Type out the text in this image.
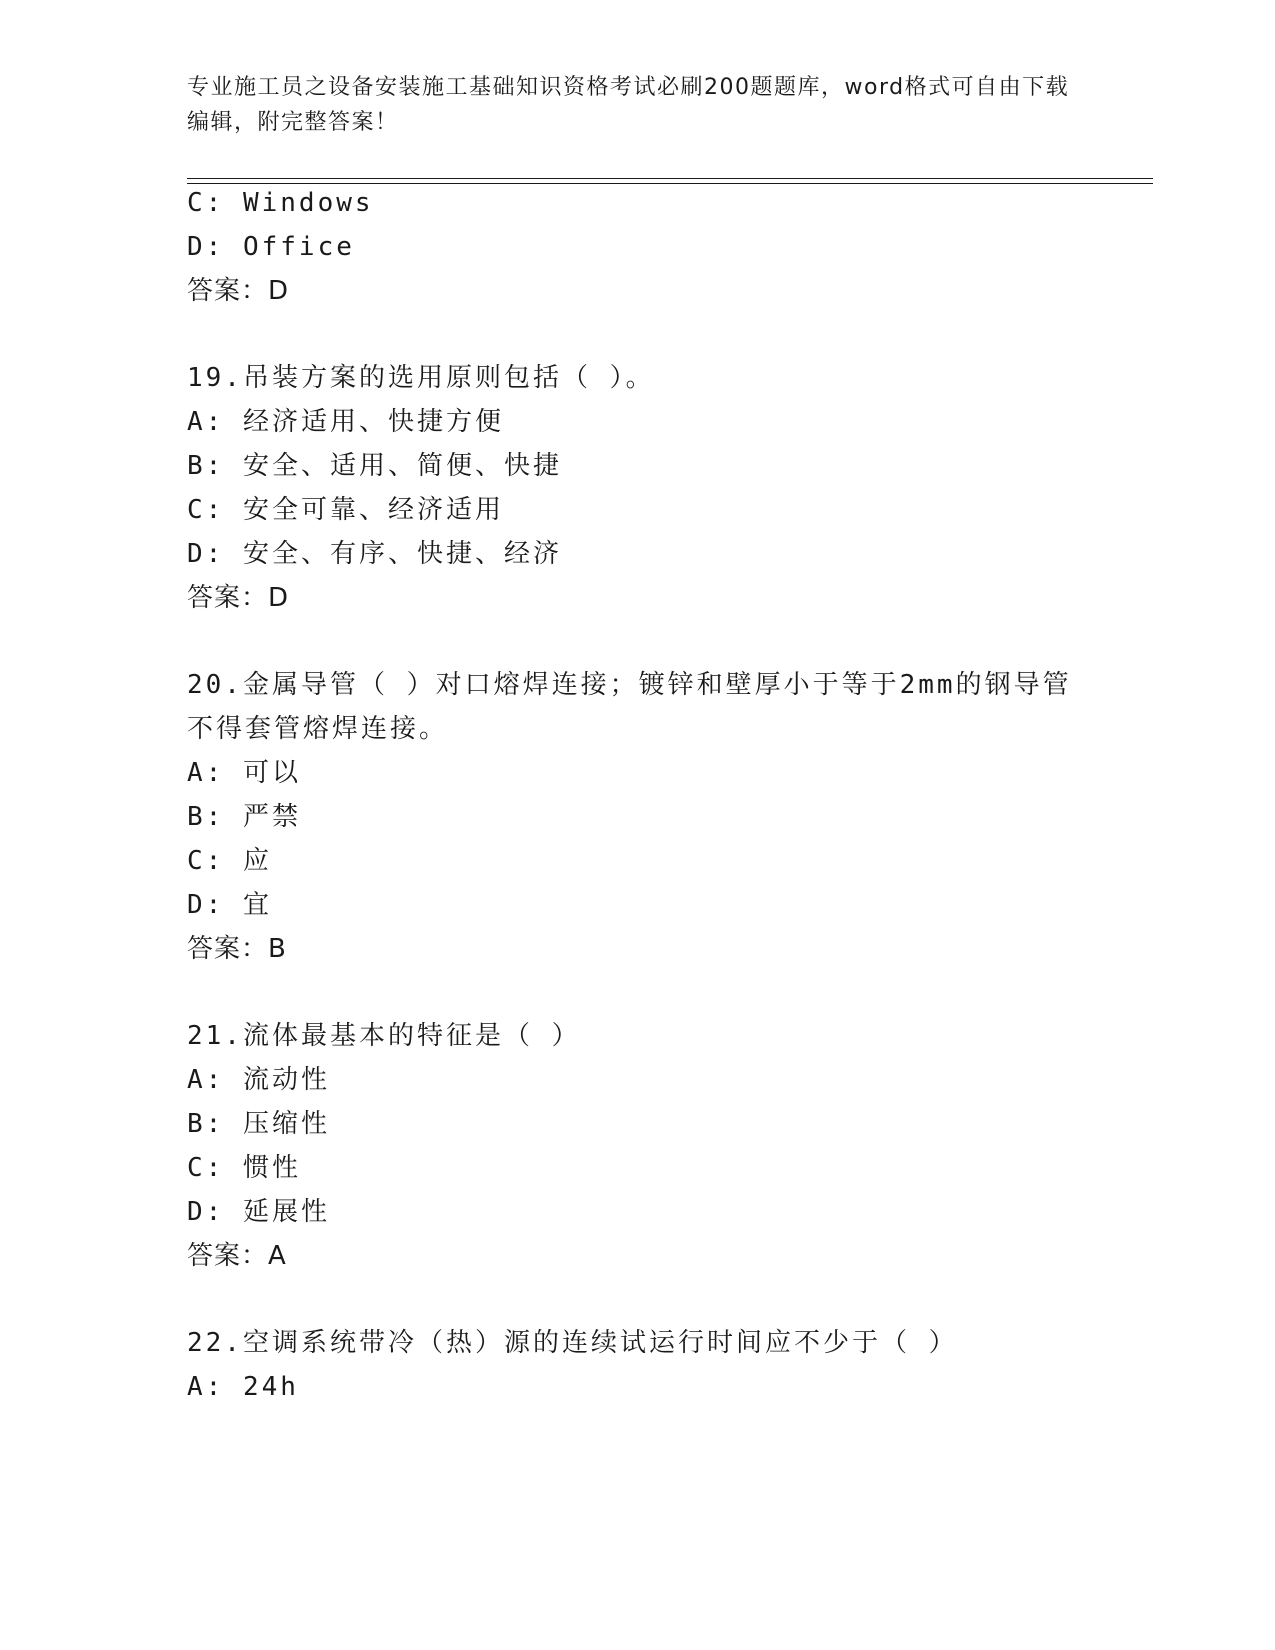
专业施工员之设备安装施工基础知识资格考试必刷200题题库，word格式可自由下载编辑，附完整答案！

C: Windows

D: Office

答案：D

19.吊装方案的选用原则包括（ ）。

A: 经济适用、快捷方便

B: 安全、适用、简便、快捷

C: 安全可靠、经济适用

D: 安全、有序、快捷、经济

答案：D

20.金属导管（ ）对口熔焊连接；镀锌和壁厚小于等于2mm的钢导管

不得套管熔焊连接。

A: 可以

B: 严禁

C: 应

D: 宜

答案：B

21.流体最基本的特征是（ ）

A: 流动性

B: 压缩性

C: 惯性

D: 延展性

答案：A

22.空调系统带冷（热）源的连续试运行时间应不少于（ ）

A: 24h
